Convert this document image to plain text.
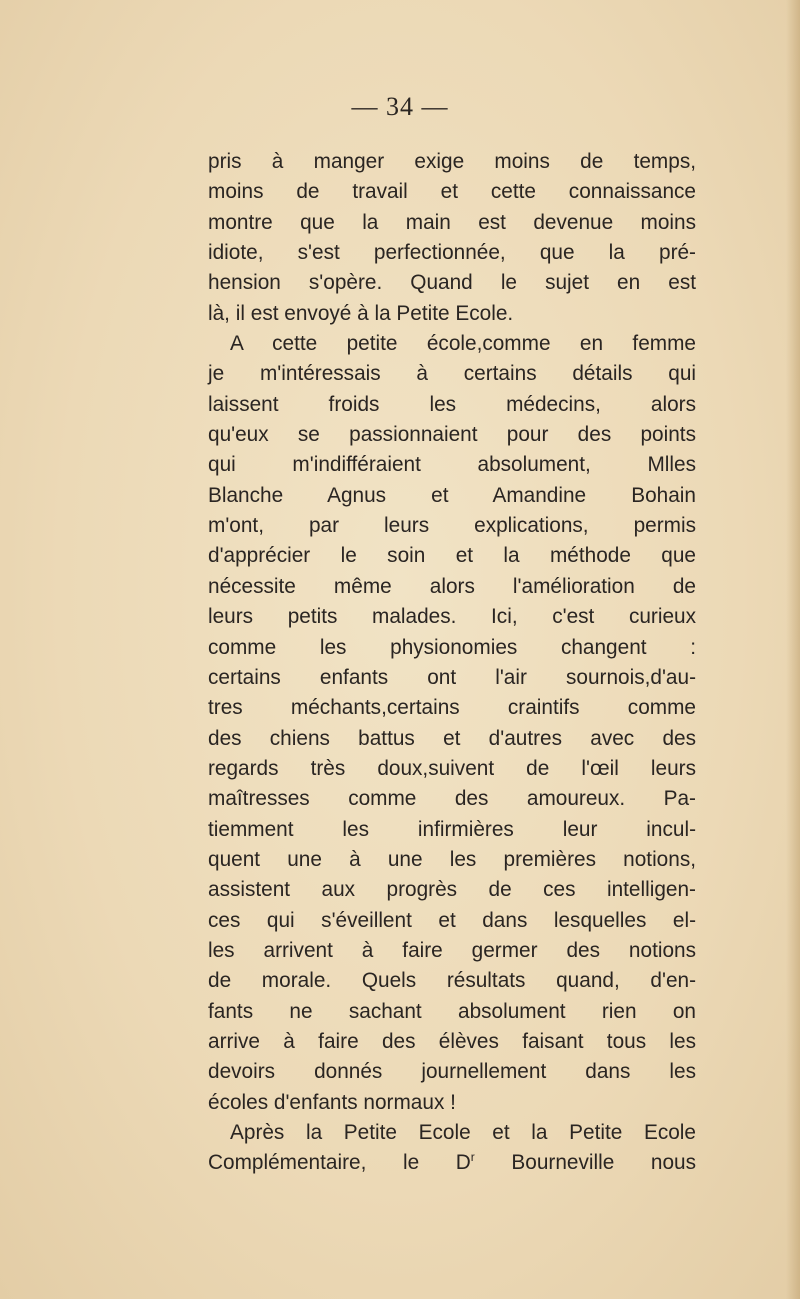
— 34 —
pris à manger exige moins de temps,
moins de travail et cette connaissance
montre que la main est devenue moins
idiote, s'est perfectionnée, que la pré-
hension s'opère. Quand le sujet en est
là, il est envoyé à la Petite Ecole.
A cette petite école,comme en femme
je m'intéressais à certains détails qui
laissent froids les médecins, alors
qu'eux se passionnaient pour des points
qui m'indifféraient absolument, Mlles
Blanche Agnus et Amandine Bohain
m'ont, par leurs explications, permis
d'apprécier le soin et la méthode que
nécessite même alors l'amélioration de
leurs petits malades. Ici, c'est curieux
comme les physionomies changent :
certains enfants ont l'air sournois,d'au-
tres méchants,certains craintifs comme
des chiens battus et d'autres avec des
regards très doux,suivent de l'œil leurs
maîtresses comme des amoureux. Pa-
tiemment les infirmières leur incul-
quent une à une les premières notions,
assistent aux progrès de ces intelligen-
ces qui s'éveillent et dans lesquelles el-
les arrivent à faire germer des notions
de morale. Quels résultats quand, d'en-
fants ne sachant absolument rien on
arrive à faire des élèves faisant tous les
devoirs donnés journellement dans les
écoles d'enfants normaux !
Après la Petite Ecole et la Petite Ecole
Complémentaire, le $D^r$ Bourneville nous
